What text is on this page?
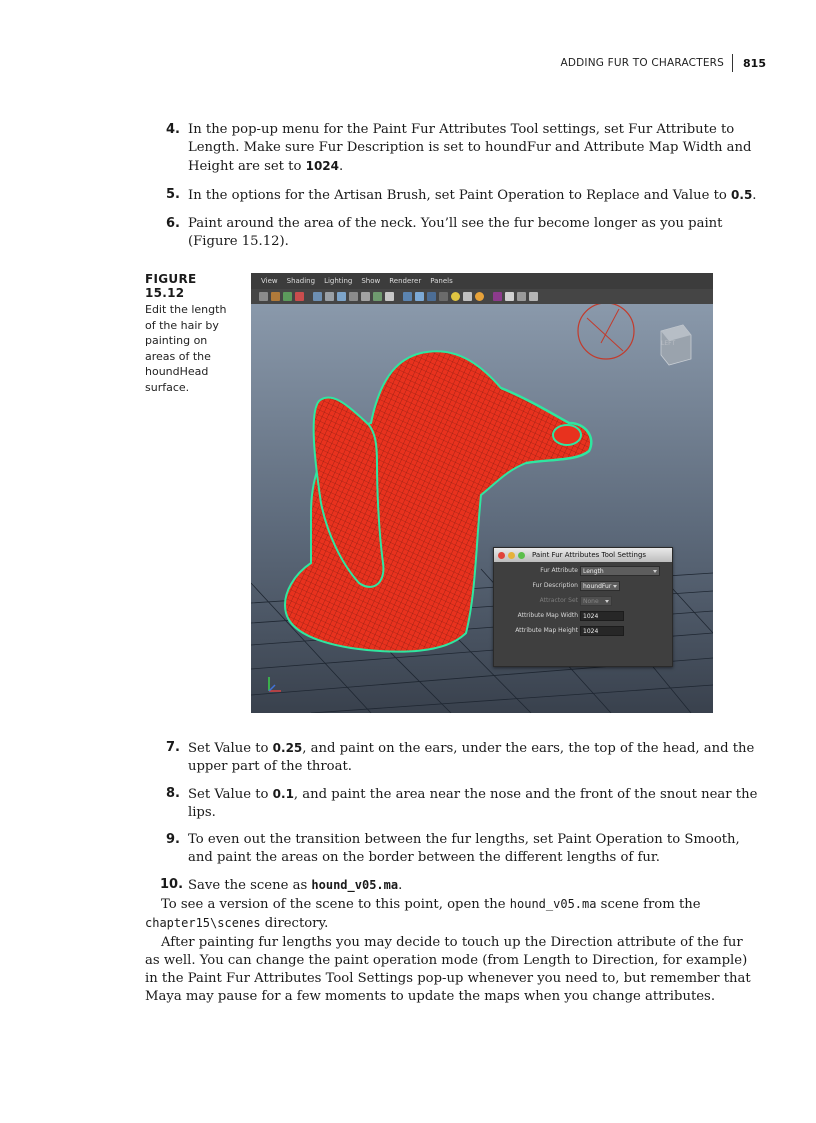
ADDING FUR TO CHARACTERS	815
4. In the pop-up menu for the Paint Fur Attributes Tool settings, set Fur Attribute to Length. Make sure Fur Description is set to houndFur and Attribute Map Width and Height are set to 1024.
5. In the options for the Artisan Brush, set Paint Operation to Replace and Value to 0.5.
6. Paint around the area of the neck. You’ll see the fur become longer as you paint (Figure 15.12).
FIGURE 15.12
Edit the length of the hair by painting on areas of the houndHead surface.
View Shading Lighting Show Renderer Panels
LEFT
Paint Fur Attributes Tool Settings
Fur Attribute Length
Fur Description houndFur
Attractor Set None
Attribute Map Width 1024
Attribute Map Height 1024
7. Set Value to 0.25, and paint on the ears, under the ears, the top of the head, and the upper part of the throat.
8. Set Value to 0.1, and paint the area near the nose and the front of the snout near the lips.
9. To even out the transition between the fur lengths, set Paint Operation to Smooth, and paint the areas on the border between the different lengths of fur.
10. Save the scene as hound_v05.ma.

To see a version of the scene to this point, open the hound_v05.ma scene from the chapter15\scenes directory.

After painting fur lengths you may decide to touch up the Direction attribute of the fur as well. You can change the paint operation mode (from Length to Direction, for example) in the Paint Fur Attributes Tool Settings pop-up whenever you need to, but remember that Maya may pause for a few moments to update the maps when you change attributes.
